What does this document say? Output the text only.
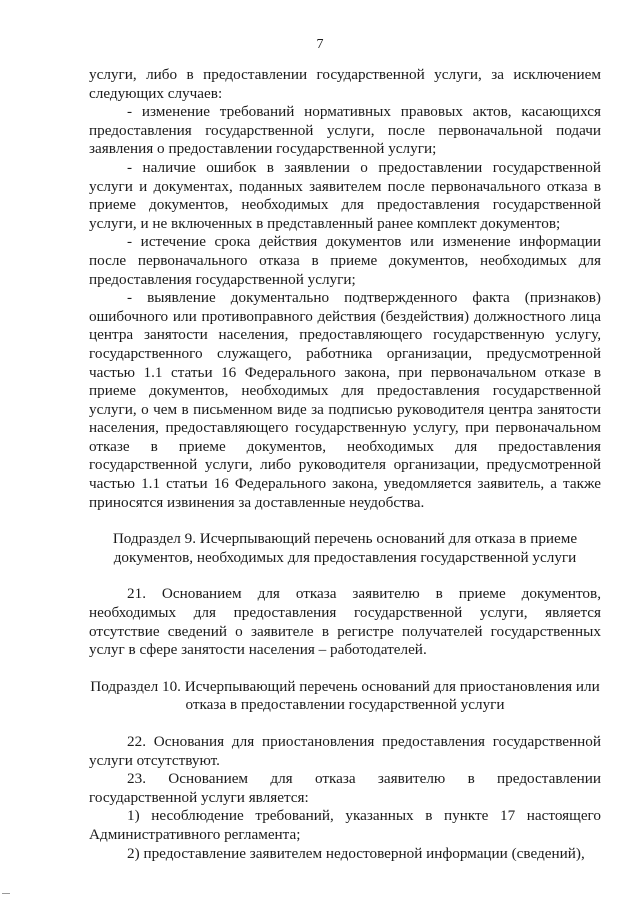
7

услуги, либо в предоставлении государственной услуги, за исключением следующих случаев:

- изменение требований нормативных правовых актов, касающихся предоставления государственной услуги, после первоначальной подачи заявления о предоставлении государственной услуги;

- наличие ошибок в заявлении о предоставлении государственной услуги и документах, поданных заявителем после первоначального отказа в приеме документов, необходимых для предоставления государственной услуги, и не включенных в представленный ранее комплект документов;

- истечение срока действия документов или изменение информации после первоначального отказа в приеме документов, необходимых для предоставления государственной услуги;

- выявление документально подтвержденного факта (признаков) ошибочного или противоправного действия (бездействия) должностного лица центра занятости населения, предоставляющего государственную услугу, государственного служащего, работника организации, предусмотренной частью 1.1 статьи 16 Федерального закона, при первоначальном отказе в приеме документов, необходимых для предоставления государственной услуги, о чем в письменном виде за подписью руководителя центра занятости населения, предоставляющего государственную услугу, при первоначальном отказе в приеме документов, необходимых для предоставления государственной услуги, либо руководителя организации, предусмотренной частью 1.1 статьи 16 Федерального закона, уведомляется заявитель, а также приносятся извинения за доставленные неудобства.

Подраздел 9. Исчерпывающий перечень оснований для отказа в приеме документов, необходимых для предоставления государственной услуги

21. Основанием для отказа заявителю в приеме документов, необходимых для предоставления государственной услуги, является отсутствие сведений о заявителе в регистре получателей государственных услуг в сфере занятости населения – работодателей.

Подраздел 10. Исчерпывающий перечень оснований для приостановления или отказа в предоставлении государственной услуги

22. Основания для приостановления предоставления государственной услуги отсутствуют.

23. Основанием для отказа заявителю в предоставлении государственной услуги является:

1) несоблюдение требований, указанных в пункте 17 настоящего Административного регламента;

2) предоставление заявителем недостоверной информации (сведений),
